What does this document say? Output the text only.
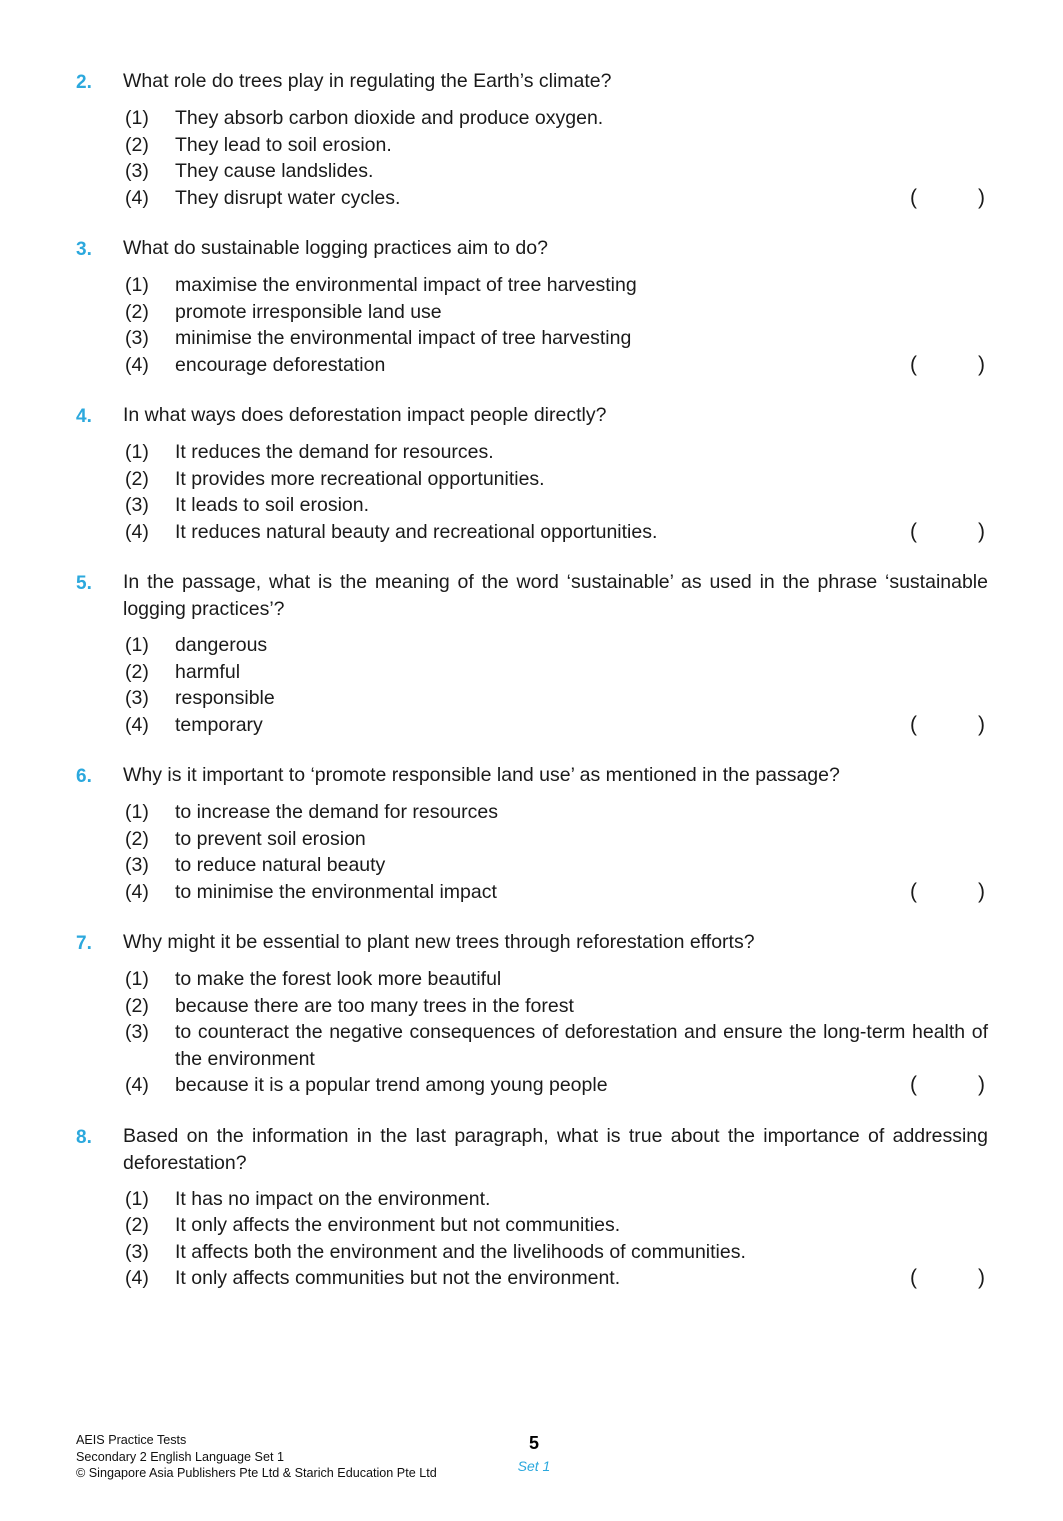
2.	What role do trees play in regulating the Earth’s climate?
(1)	They absorb carbon dioxide and produce oxygen.
(2)	They lead to soil erosion.
(3)	They cause landslides.
(4)	They disrupt water cycles.	(	)
3.	What do sustainable logging practices aim to do?
(1)	maximise the environmental impact of tree harvesting
(2)	promote irresponsible land use
(3)	minimise the environmental impact of tree harvesting
(4)	encourage deforestation	(	)
4.	In what ways does deforestation impact people directly?
(1)	It reduces the demand for resources.
(2)	It provides more recreational opportunities.
(3)	It leads to soil erosion.
(4)	It reduces natural beauty and recreational opportunities.	(	)
5.	In the passage, what is the meaning of the word ‘sustainable’ as used in the phrase ‘sustainable logging practices’?
(1)	dangerous
(2)	harmful
(3)	responsible
(4)	temporary	(	)
6.	Why is it important to ‘promote responsible land use’ as mentioned in the passage?
(1)	to increase the demand for resources
(2)	to prevent soil erosion
(3)	to reduce natural beauty
(4)	to minimise the environmental impact	(	)
7.	Why might it be essential to plant new trees through reforestation efforts?
(1)	to make the forest look more beautiful
(2)	because there are too many trees in the forest
(3)	to counteract the negative consequences of deforestation and ensure the long-term health of the environment
(4)	because it is a popular trend among young people	(	)
8.	Based on the information in the last paragraph, what is true about the importance of addressing deforestation?
(1)	It has no impact on the environment.
(2)	It only affects the environment but not communities.
(3)	It affects both the environment and the livelihoods of communities.
(4)	It only affects communities but not the environment.	(	)
AEIS Practice Tests
Secondary 2 English Language Set 1
© Singapore Asia Publishers Pte Ltd & Starich Education Pte Ltd
5
Set 1
